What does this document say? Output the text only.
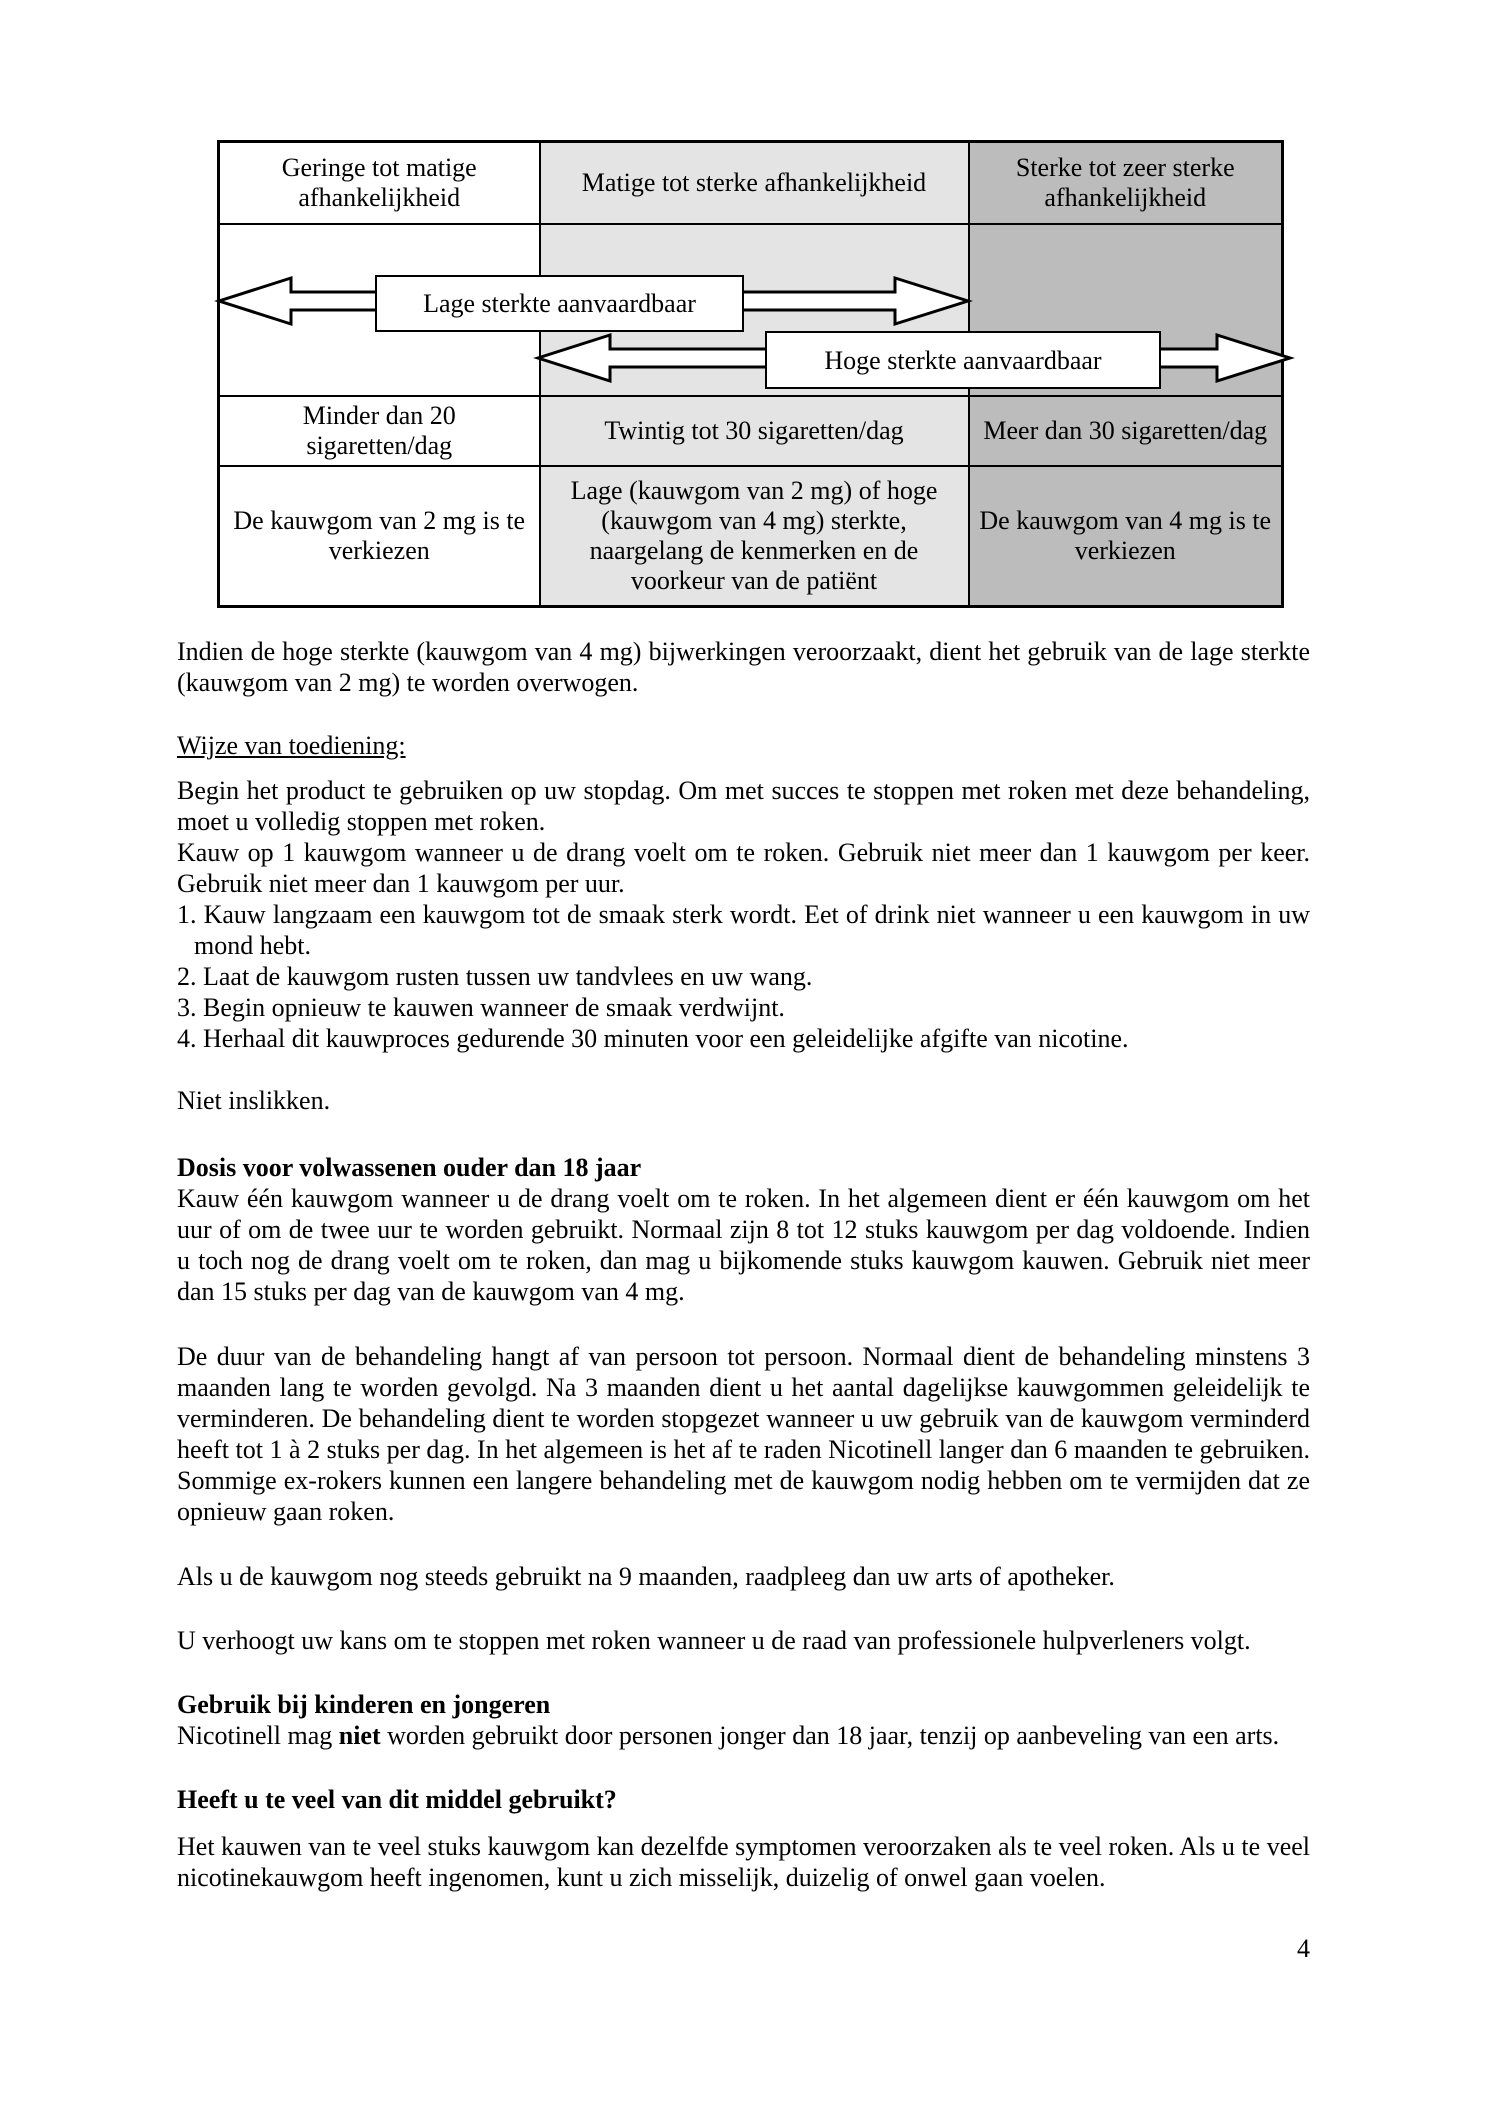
Geringe tot matige afhankelijkheid	Matige tot sterke afhankelijkheid	Sterke tot zeer sterke afhankelijkheid

Minder dan 20 sigaretten/dag	Twintig tot 30 sigaretten/dag	Meer dan 30 sigaretten/dag
De kauwgom van 2 mg is te verkiezen	Lage (kauwgom van 2 mg) of hoge (kauwgom van 4 mg) sterkte, naargelang de kenmerken en de voorkeur van de patiënt	De kauwgom van 4 mg is te verkiezen
Lage sterkte aanvaardbaar
Hoge sterkte aanvaardbaar

Indien de hoge sterkte (kauwgom van 4 mg) bijwerkingen veroorzaakt, dient het gebruik van de lage sterkte (kauwgom van 2 mg) te worden overwogen.

Wijze van toediening:

Begin het product te gebruiken op uw stopdag. Om met succes te stoppen met roken met deze behandeling, moet u volledig stoppen met roken.

Kauw op 1 kauwgom wanneer u de drang voelt om te roken. Gebruik niet meer dan 1 kauwgom per keer. Gebruik niet meer dan 1 kauwgom per uur.

1. Kauw langzaam een kauwgom tot de smaak sterk wordt. Eet of drink niet wanneer u een kauwgom in uw mond hebt.
2. Laat de kauwgom rusten tussen uw tandvlees en uw wang.
3. Begin opnieuw te kauwen wanneer de smaak verdwijnt.
4. Herhaal dit kauwproces gedurende 30 minuten voor een geleidelijke afgifte van nicotine.

Niet inslikken.

Dosis voor volwassenen ouder dan 18 jaar

Kauw één kauwgom wanneer u de drang voelt om te roken. In het algemeen dient er één kauwgom om het uur of om de twee uur te worden gebruikt. Normaal zijn 8 tot 12 stuks kauwgom per dag voldoende. Indien u toch nog de drang voelt om te roken, dan mag u bijkomende stuks kauwgom kauwen. Gebruik niet meer dan 15 stuks per dag van de kauwgom van 4 mg.

De duur van de behandeling hangt af van persoon tot persoon. Normaal dient de behandeling minstens 3 maanden lang te worden gevolgd. Na 3 maanden dient u het aantal dagelijkse kauwgommen geleidelijk te verminderen. De behandeling dient te worden stopgezet wanneer u uw gebruik van de kauwgom verminderd heeft tot 1 à 2 stuks per dag. In het algemeen is het af te raden Nicotinell langer dan 6 maanden te gebruiken. Sommige ex-rokers kunnen een langere behandeling met de kauwgom nodig hebben om te vermijden dat ze opnieuw gaan roken.

Als u de kauwgom nog steeds gebruikt na 9 maanden, raadpleeg dan uw arts of apotheker.

U verhoogt uw kans om te stoppen met roken wanneer u de raad van professionele hulpverleners volgt.

Gebruik bij kinderen en jongeren

Nicotinell mag niet worden gebruikt door personen jonger dan 18 jaar, tenzij op aanbeveling van een arts.

Heeft u te veel van dit middel gebruikt?

Het kauwen van te veel stuks kauwgom kan dezelfde symptomen veroorzaken als te veel roken. Als u te veel nicotinekauwgom heeft ingenomen, kunt u zich misselijk, duizelig of onwel gaan voelen.

4
